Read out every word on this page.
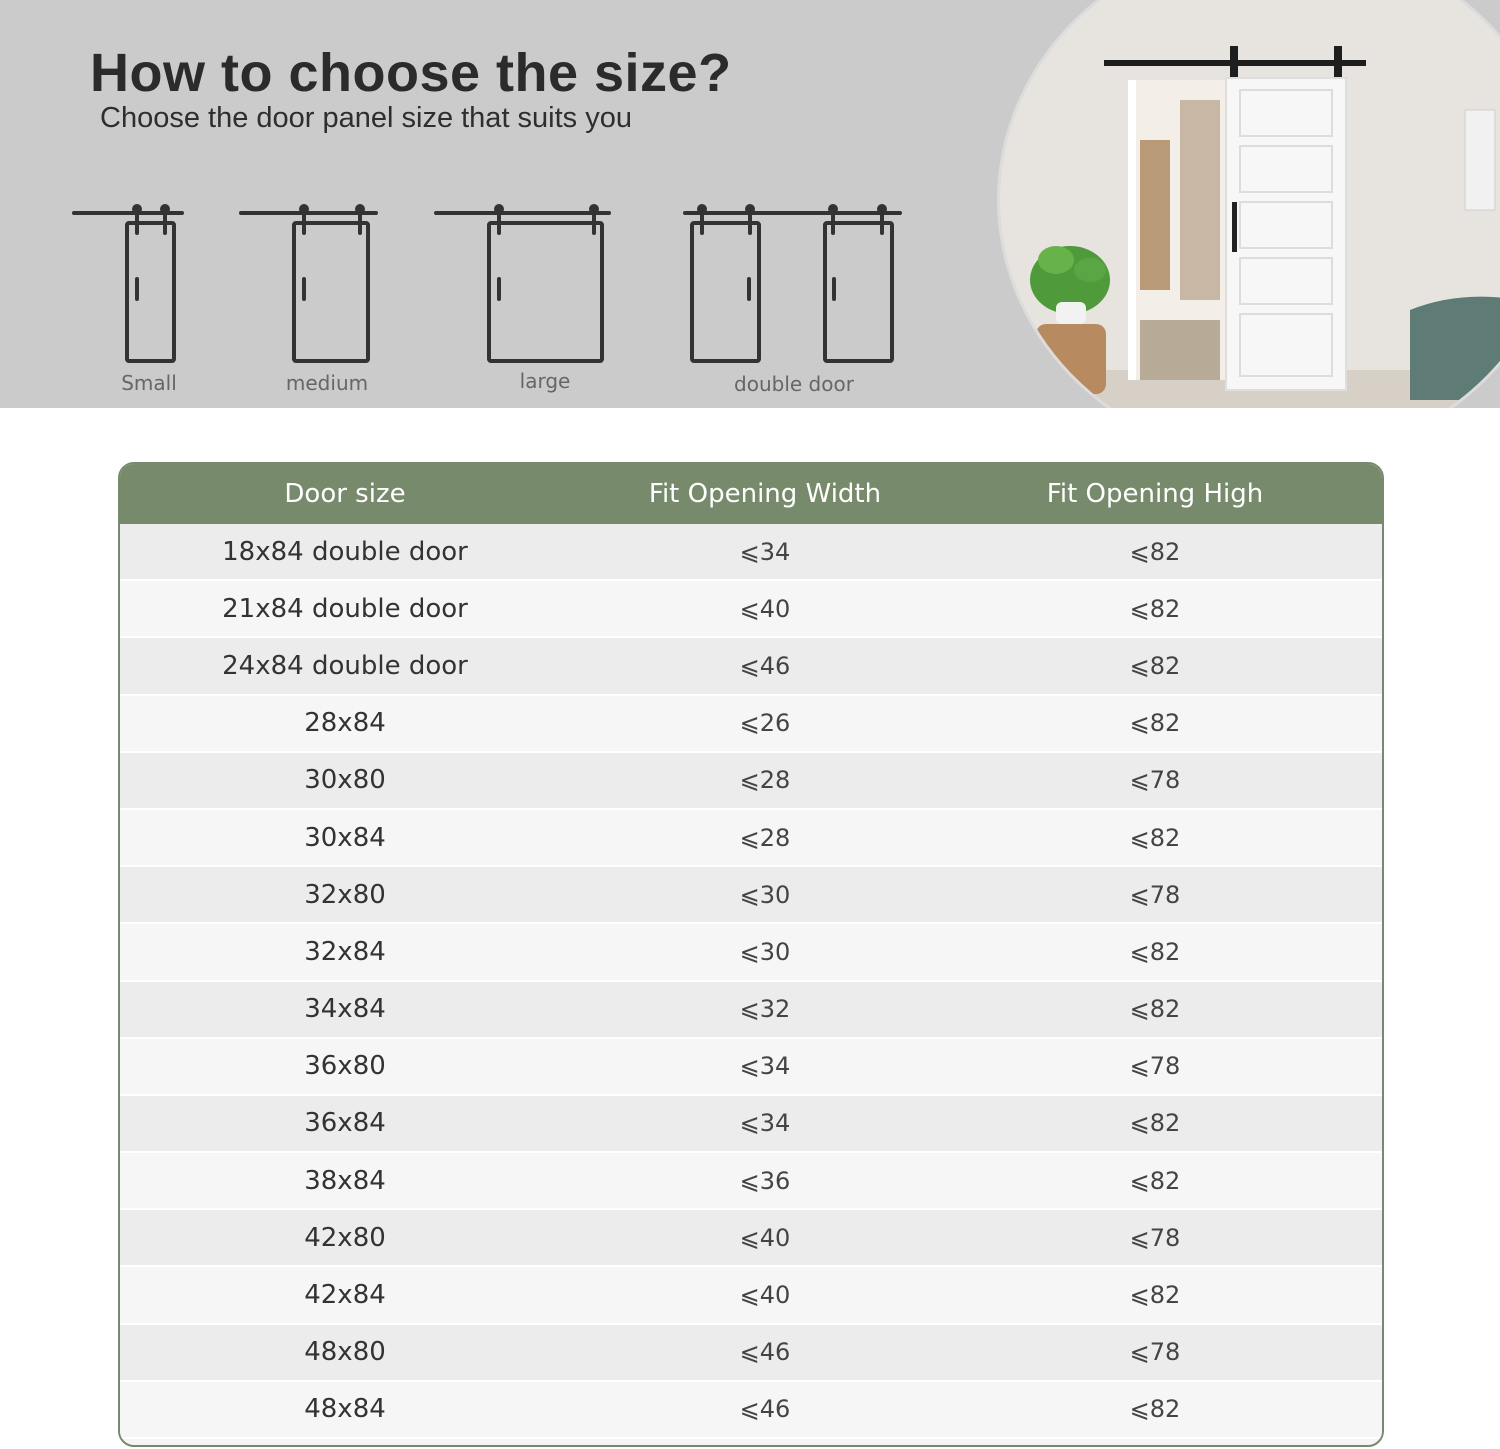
How to choose the size?

Choose the door panel size that suits you

Small	medium	large	double door
Door size	Fit Opening Width	Fit Opening High
18x84 double door	⩽34	⩽82
21x84 double door	⩽40	⩽82
24x84 double door	⩽46	⩽82
28x84	⩽26	⩽82
30x80	⩽28	⩽78
30x84	⩽28	⩽82
32x80	⩽30	⩽78
32x84	⩽30	⩽82
34x84	⩽32	⩽82
36x80	⩽34	⩽78
36x84	⩽34	⩽82
38x84	⩽36	⩽82
42x80	⩽40	⩽78
42x84	⩽40	⩽82
48x80	⩽46	⩽78
48x84	⩽46	⩽82
